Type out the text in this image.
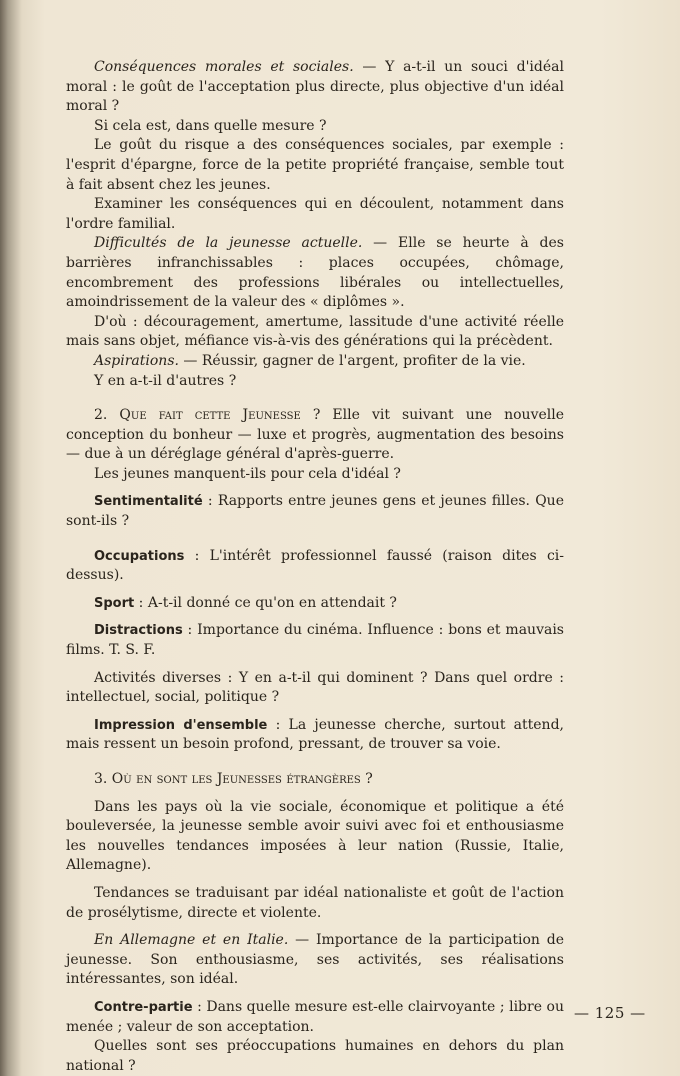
Conséquences morales et sociales. — Y a-t-il un souci d'idéal moral : le goût de l'acceptation plus directe, plus objective d'un idéal moral ?

Si cela est, dans quelle mesure ?

Le goût du risque a des conséquences sociales, par exemple : l'esprit d'épargne, force de la petite propriété française, semble tout à fait absent chez les jeunes.

Examiner les conséquences qui en découlent, notamment dans l'ordre familial.

Difficultés de la jeunesse actuelle. — Elle se heurte à des barrières infranchissables : places occupées, chômage, encombrement des professions libérales ou intellectuelles, amoindrissement de la valeur des « diplômes ».

D'où : découragement, amertume, lassitude d'une activité réelle mais sans objet, méfiance vis-à-vis des générations qui la précèdent.

Aspirations. — Réussir, gagner de l'argent, profiter de la vie.

Y en a-t-il d'autres ?

2. Que fait cette Jeunesse ? Elle vit suivant une nouvelle conception du bonheur — luxe et progrès, augmentation des besoins — due à un déréglage général d'après-guerre.

Les jeunes manquent-ils pour cela d'idéal ?

Sentimentalité : Rapports entre jeunes gens et jeunes filles. Que sont-ils ?

Occupations : L'intérêt professionnel faussé (raison dites ci-dessus).

Sport : A-t-il donné ce qu'on en attendait ?

Distractions : Importance du cinéma. Influence : bons et mauvais films. T. S. F.

Activités diverses : Y en a-t-il qui dominent ? Dans quel ordre : intellectuel, social, politique ?

Impression d'ensemble : La jeunesse cherche, surtout attend, mais ressent un besoin profond, pressant, de trouver sa voie.

3. Où en sont les Jeunesses étrangères ?

Dans les pays où la vie sociale, économique et politique a été bouleversée, la jeunesse semble avoir suivi avec foi et enthousiasme les nouvelles tendances imposées à leur nation (Russie, Italie, Allemagne).

Tendances se traduisant par idéal nationaliste et goût de l'action de prosélytisme, directe et violente.

En Allemagne et en Italie. — Importance de la participation de jeunesse. Son enthousiasme, ses activités, ses réalisations intéressantes, son idéal.

Contre-partie : Dans quelle mesure est-elle clairvoyante ; libre ou menée ; valeur de son acceptation.

Quelles sont ses préoccupations humaines en dehors du plan national ?

— 125 —
